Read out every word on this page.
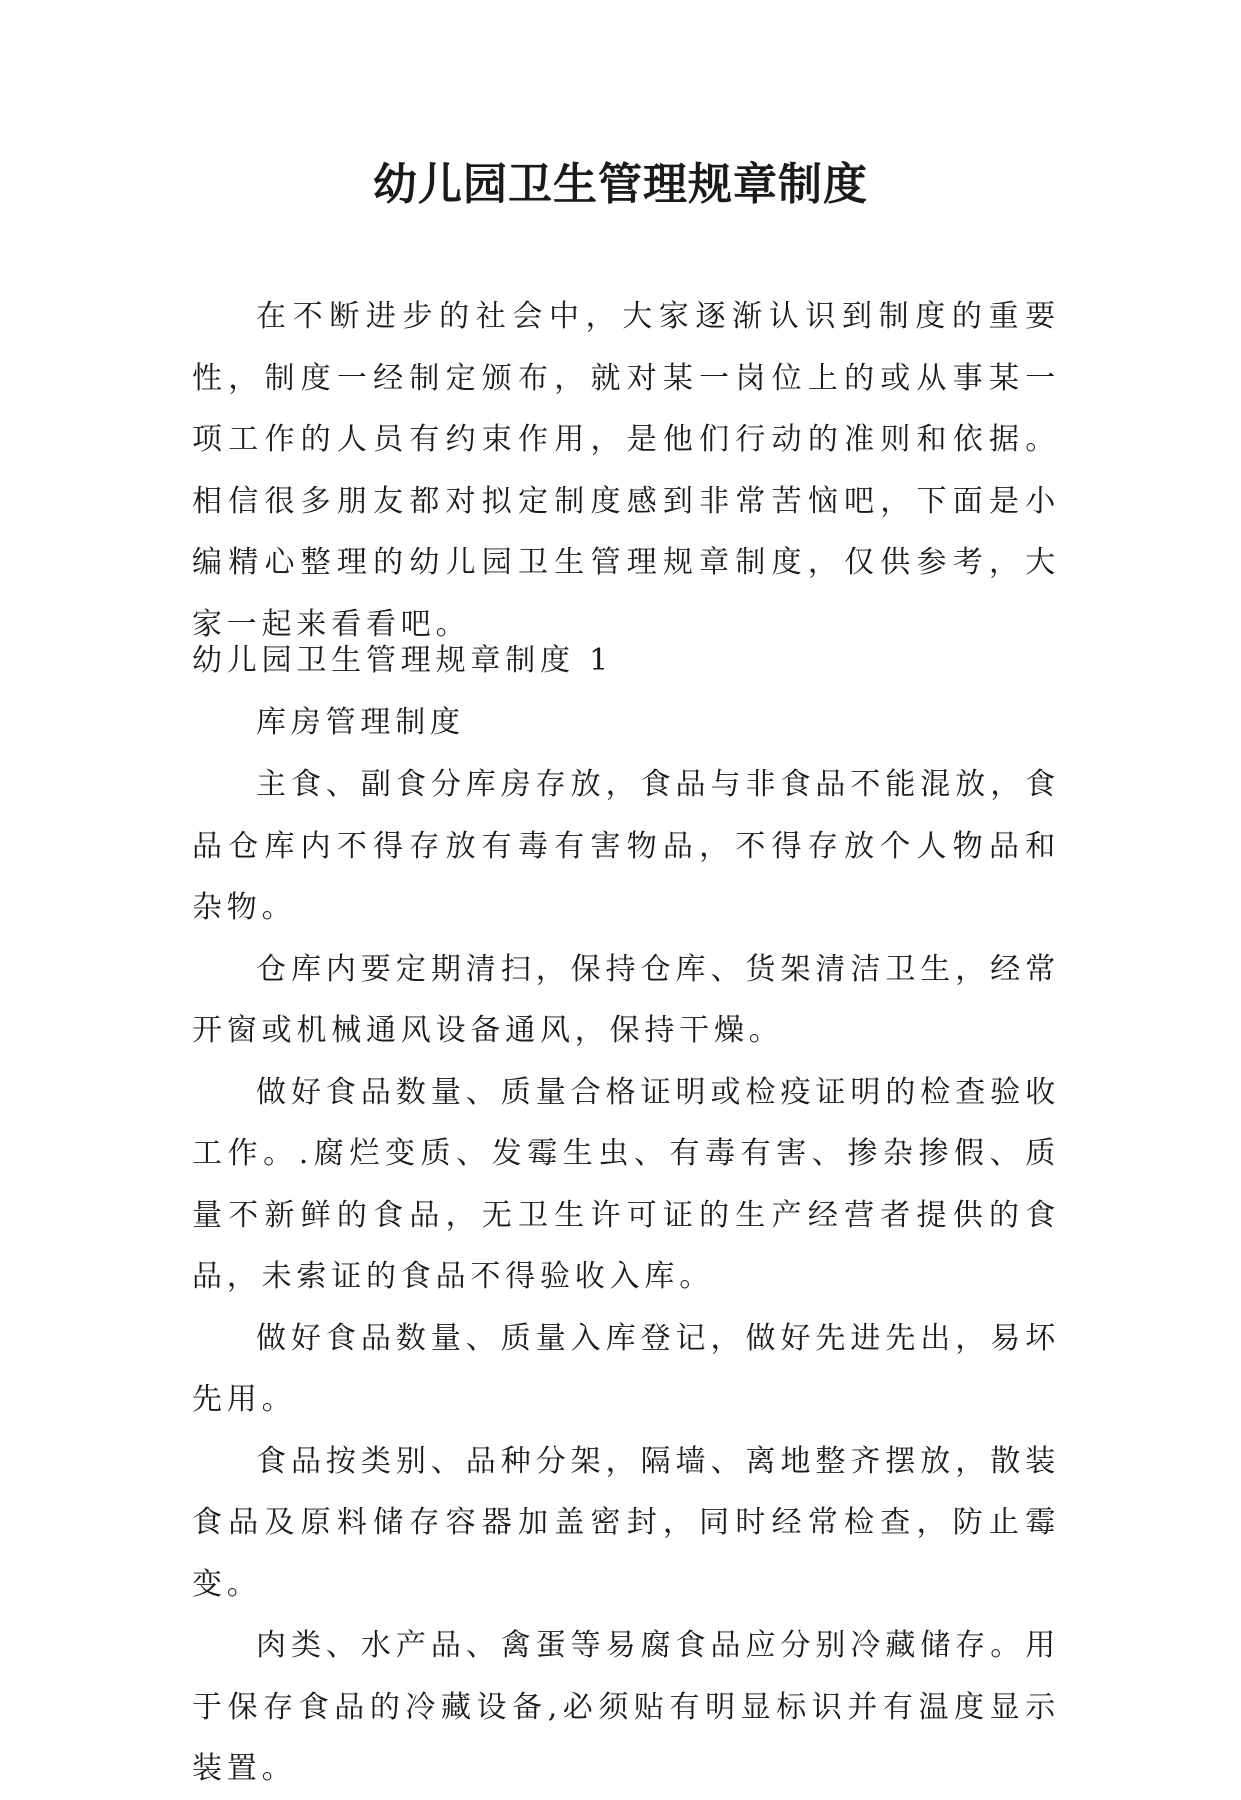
幼儿园卫生管理规章制度

在不断进步的社会中，大家逐渐认识到制度的重要性，制度一经制定颁布，就对某一岗位上的或从事某一项工作的人员有约束作用，是他们行动的准则和依据。相信很多朋友都对拟定制度感到非常苦恼吧，下面是小编精心整理的幼儿园卫生管理规章制度，仅供参考，大家一起来看看吧。

幼儿园卫生管理规章制度 1

库房管理制度

主食、副食分库房存放，食品与非食品不能混放，食品仓库内不得存放有毒有害物品，不得存放个人物品和杂物。

仓库内要定期清扫，保持仓库、货架清洁卫生，经常开窗或机械通风设备通风，保持干燥。

做好食品数量、质量合格证明或检疫证明的检查验收工作。.腐烂变质、发霉生虫、有毒有害、掺杂掺假、质量不新鲜的食品，无卫生许可证的生产经营者提供的食品，未索证的食品不得验收入库。

做好食品数量、质量入库登记，做好先进先出，易坏先用。

食品按类别、品种分架，隔墙、离地整齐摆放，散装食品及原料储存容器加盖密封，同时经常检查，防止霉变。

肉类、水产品、禽蛋等易腐食品应分别冷藏储存。用于保存食品的冷藏设备,必须贴有明显标识并有温度显示装置。
